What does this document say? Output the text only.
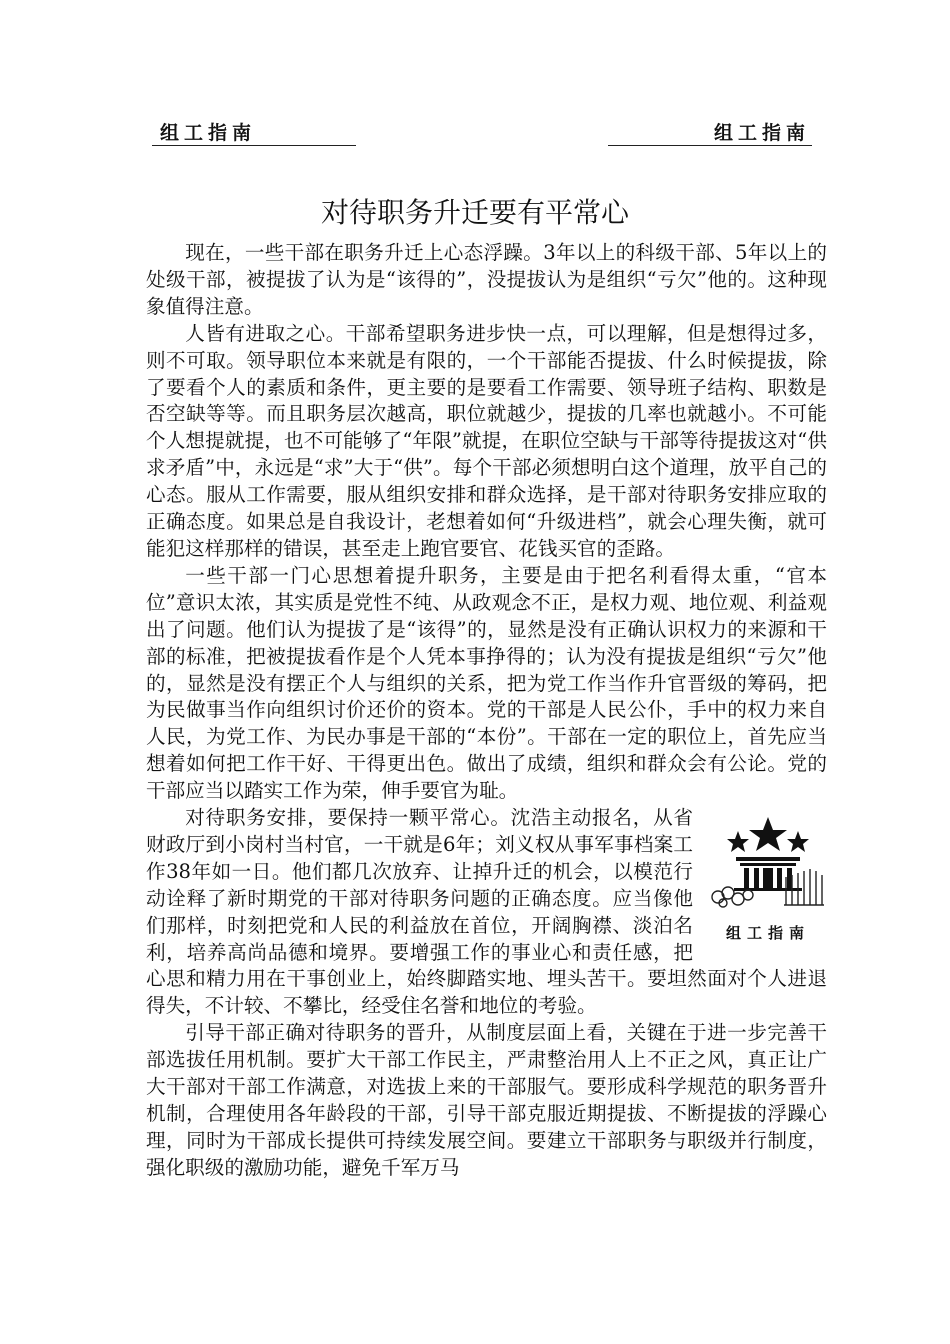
组工指南	组工指南
对待职务升迁要有平常心

现在，一些干部在职务升迁上心态浮躁。3年以上的科级干部、5年以上的处级干部，被提拔了认为是“该得的”，没提拔认为是组织“亏欠”他的。这种现象值得注意。

人皆有进取之心。干部希望职务进步快一点，可以理解，但是想得过多，则不可取。领导职位本来就是有限的，一个干部能否提拔、什么时候提拔，除了要看个人的素质和条件，更主要的是要看工作需要、领导班子结构、职数是否空缺等等。而且职务层次越高，职位就越少，提拔的几率也就越小。不可能个人想提就提，也不可能够了“年限”就提，在职位空缺与干部等待提拔这对“供求矛盾”中，永远是“求”大于“供”。每个干部必须想明白这个道理，放平自己的心态。服从工作需要，服从组织安排和群众选择，是干部对待职务安排应取的正确态度。如果总是自我设计，老想着如何“升级进档”，就会心理失衡，就可能犯这样那样的错误，甚至走上跑官要官、花钱买官的歪路。

一些干部一门心思想着提升职务，主要是由于把名利看得太重，“官本位”意识太浓，其实质是党性不纯、从政观念不正，是权力观、地位观、利益观出了问题。他们认为提拔了是“该得”的，显然是没有正确认识权力的来源和干部的标准，把被提拔看作是个人凭本事挣得的；认为没有提拔是组织“亏欠”他的，显然是没有摆正个人与组织的关系，把为党工作当作升官晋级的筹码，把为民做事当作向组织讨价还价的资本。党的干部是人民公仆，手中的权力来自人民，为党工作、为民办事是干部的“本份”。干部在一定的职位上，首先应当想着如何把工作干好、干得更出色。做出了成绩，组织和群众会有公论。党的干部应当以踏实工作为荣，伸手要官为耻。

组工指南

对待职务安排，要保持一颗平常心。沈浩主动报名，从省财政厅到小岗村当村官，一干就是6年；刘义权从事军事档案工作38年如一日。他们都几次放弃、让掉升迁的机会，以模范行动诠释了新时期党的干部对待职务问题的正确态度。应当像他们那样，时刻把党和人民的利益放在首位，开阔胸襟、淡泊名利，培养高尚品德和境界。要增强工作的事业心和责任感，把心思和精力用在干事创业上，始终脚踏实地、埋头苦干。要坦然面对个人进退得失，不计较、不攀比，经受住名誉和地位的考验。

引导干部正确对待职务的晋升，从制度层面上看，关键在于进一步完善干部选拔任用机制。要扩大干部工作民主，严肃整治用人上不正之风，真正让广大干部对干部工作满意，对选拔上来的干部服气。要形成科学规范的职务晋升机制，合理使用各年龄段的干部，引导干部克服近期提拔、不断提拔的浮躁心理，同时为干部成长提供可持续发展空间。要建立干部职务与职级并行制度，强化职级的激励功能，避免千军万马
